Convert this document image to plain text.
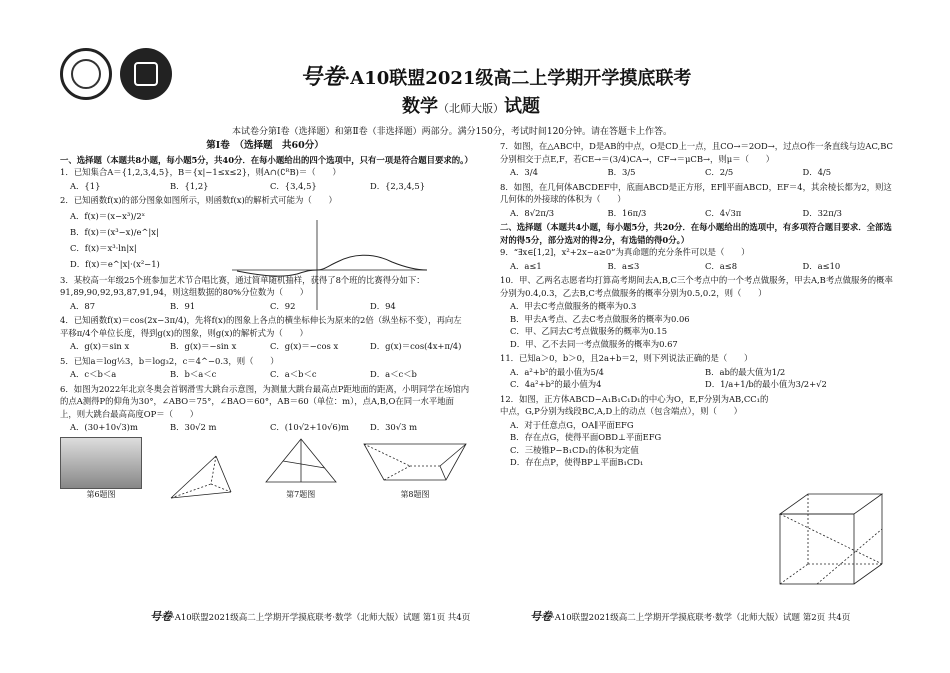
号卷·A10联盟2021级高二上学期开学摸底联考
数学（北师大版）试题
本试卷分第Ⅰ卷（选择题）和第Ⅱ卷（非选择题）两部分。满分150分，考试时间120分钟。请在答题卡上作答。
第Ⅰ卷　（选择题　共60分）
一、选择题（本题共8小题，每小题5分，共40分．在每小题给出的四个选项中，只有一项是符合题目要求的。）

1．已知集合A＝{1,2,3,4,5}，B＝{x|−1≤x≤2}，则A∩(∁ᴿB)＝（　　）

A．{1}	B．{1,2}	C．{3,4,5}	D．{2,3,4,5}

2．已知函数f(x)的部分图象如图所示，则函数f(x)的解析式可能为（　　）

A．f(x)＝(x−x³)/2ˣ
B．f(x)＝(x³−x)/e^|x|
C．f(x)＝x³·ln|x|
D．f(x)＝e^|x|·(x²−1)

3．某校高一年级25个班参加艺术节合唱比赛，通过简单随机抽样，获得了8个班的比赛得分如下：91,89,90,92,93,87,91,94，则这组数据的80%分位数为（　　）

A．87	B．91	C．92	D．94

4．已知函数f(x)＝cos(2x−3π/4)，先将f(x)的图象上各点的横坐标伸长为原来的2倍（纵坐标不变），再向左平移π/4个单位长度，得到g(x)的图象，则g(x)的解析式为（　　）

A．g(x)＝sin x	B．g(x)＝−sin x	C．g(x)＝−cos x	D．g(x)＝cos(4x+π/4)

5．已知a＝log½3，b＝log₃2，c＝4^−0.3，则（　　）

A．c＜b＜a	B．b＜a＜c	C．a＜b＜c	D．a＜c＜b

6．如图为2022年北京冬奥会首钢滑雪大跳台示意图，为测量大跳台最高点P距地面的距离，小明同学在场馆内的点A测得P的仰角为30°，∠ABO＝75°，∠BAO＝60°，AB＝60（单位：m），点A,B,O在同一水平地面上，则大跳台最高高度OP＝（　　）

A．(30+10√3)m	B．30√2 m	C．(10√2+10√6)m	D．30√3 m
第6题图	第7题图	第8题图

7．如图，在△ABC中，D是AB的中点，O是CD上一点，且CO→＝2OD→，过点O作一条直线与边AC,BC分别相交于点E,F，若CE→＝(3/4)CA→，CF→＝μCB→，则μ＝（　　）

A．3/4	B．3/5	C．2/5	D．4/5

8．如图，在几何体ABCDEF中，底面ABCD是正方形，EF∥平面ABCD，EF＝4，其余棱长都为2，则这几何体的外接球的体积为（　　）

A．8√2π/3	B．16π/3	C．4√3π	D．32π/3
二、选择题（本题共4小题，每小题5分，共20分．在每小题给出的选项中，有多项符合题目要求．全部选对的得5分，部分选对的得2分，有选错的得0分。）

9．“∃x∈[1,2]，x²+2x−a≥0”为真命题的充分条件可以是（　　）

A．a≤1	B．a≤3	C．a≤8	D．a≤10

10．甲、乙两名志愿者均打算高考期间去A,B,C三个考点中的一个考点做服务，甲去A,B考点做服务的概率分别为0.4,0.3，乙去B,C考点做服务的概率分别为0.5,0.2，则（　　）

A．甲去C考点做服务的概率为0.3
B．甲去A考点、乙去C考点做服务的概率为0.06
C．甲、乙同去C考点做服务的概率为0.15
D．甲、乙不去同一考点做服务的概率为0.67

11．已知a＞0，b＞0，且2a+b＝2，则下列说法正确的是（　　）

A．a²+b²的最小值为5/4	B．ab的最大值为1/2
C．4a²+b²的最小值为4	D．1/a+1/b的最小值为3/2+√2

12．如图，正方体ABCD−A₁B₁C₁D₁的中心为O，E,F分别为AB,CC₁的中点，G,P分别为线段BC,A,D上的动点（包含端点），则（　　）

A．对于任意点G，OA∥平面EFG
B．存在点G，使得平面OBD⊥平面EFG
C．三棱锥P−B₁CD₁的体积为定值
D．存在点P，使得BP⊥平面B₁CD₁
号卷·A10联盟2021级高二上学期开学摸底联考·数学（北师大版）试题 第1页 共4页	号卷·A10联盟2021级高二上学期开学摸底联考·数学（北师大版）试题 第2页 共4页
